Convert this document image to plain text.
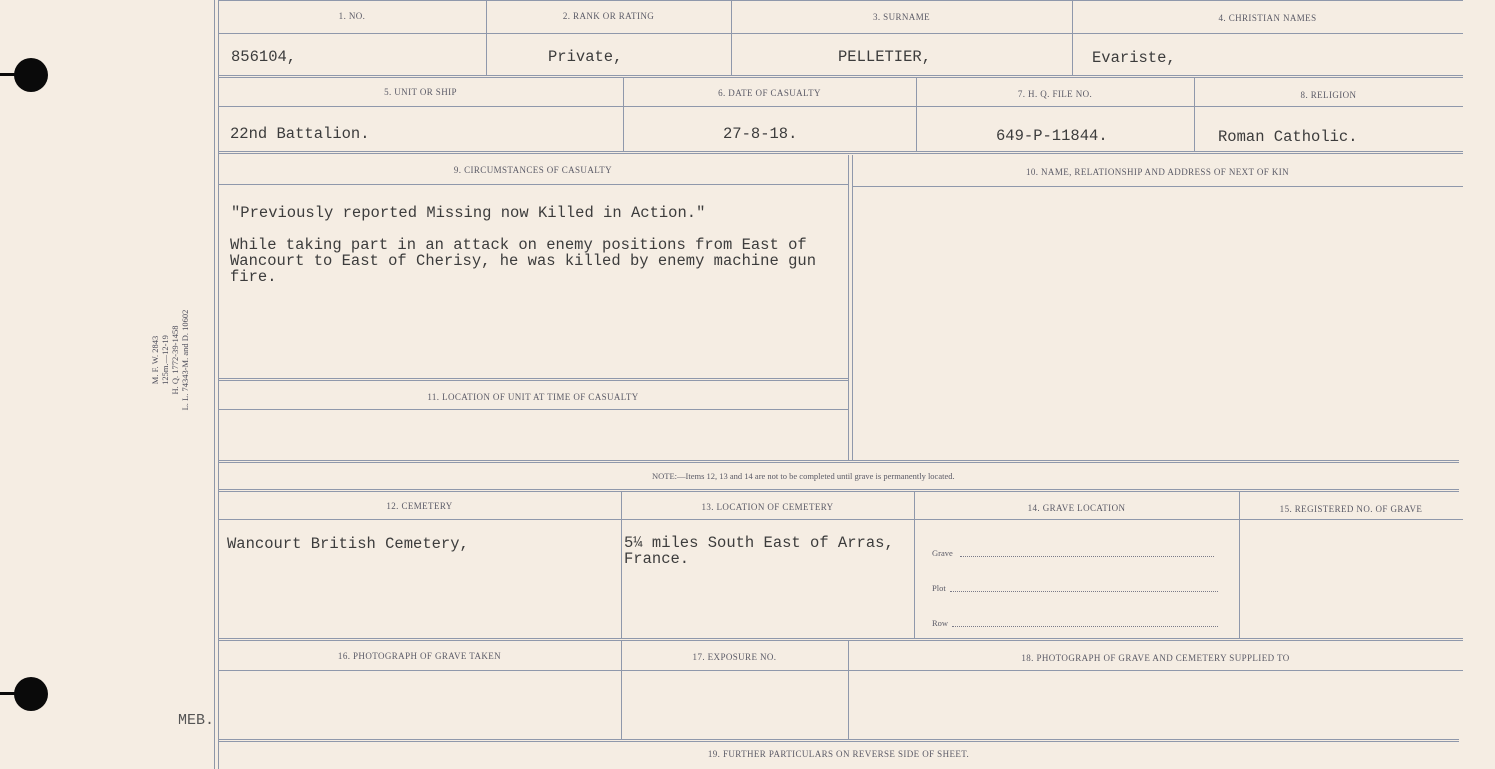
M. F. W. 2843 125m.—12-19 H. Q. 1772-39-1458 L. L. 74343-M. and D. 10602
MEB.
1. NO.	2. RANK OR RATING	3. SURNAME	4. CHRISTIAN NAMES
856104,	Private,	PELLETIER,	Evariste,
5. UNIT OR SHIP	6. DATE OF CASUALTY	7. H. Q. FILE NO.	8. RELIGION
22nd Battalion.	27-8-18.	649-P-11844.	Roman Catholic.
9. CIRCUMSTANCES OF CASUALTY	10. NAME, RELATIONSHIP AND ADDRESS OF NEXT OF KIN
"Previously reported Missing now Killed in Action."
While taking part in an attack on enemy positions from East of Wancourt to East of Cherisy, he was killed by enemy machine gun fire.
11. LOCATION OF UNIT AT TIME OF CASUALTY
NOTE:—Items 12, 13 and 14 are not to be completed until grave is permanently located.
12. CEMETERY	13. LOCATION OF CEMETERY	14. GRAVE LOCATION	15. REGISTERED NO. OF GRAVE
Wancourt British Cemetery,	5¼ miles South East of Arras, France.	Grave
Plot
Row
16. PHOTOGRAPH OF GRAVE TAKEN	17. EXPOSURE NO.	18. PHOTOGRAPH OF GRAVE AND CEMETERY SUPPLIED TO
19. FURTHER PARTICULARS ON REVERSE SIDE OF SHEET.
